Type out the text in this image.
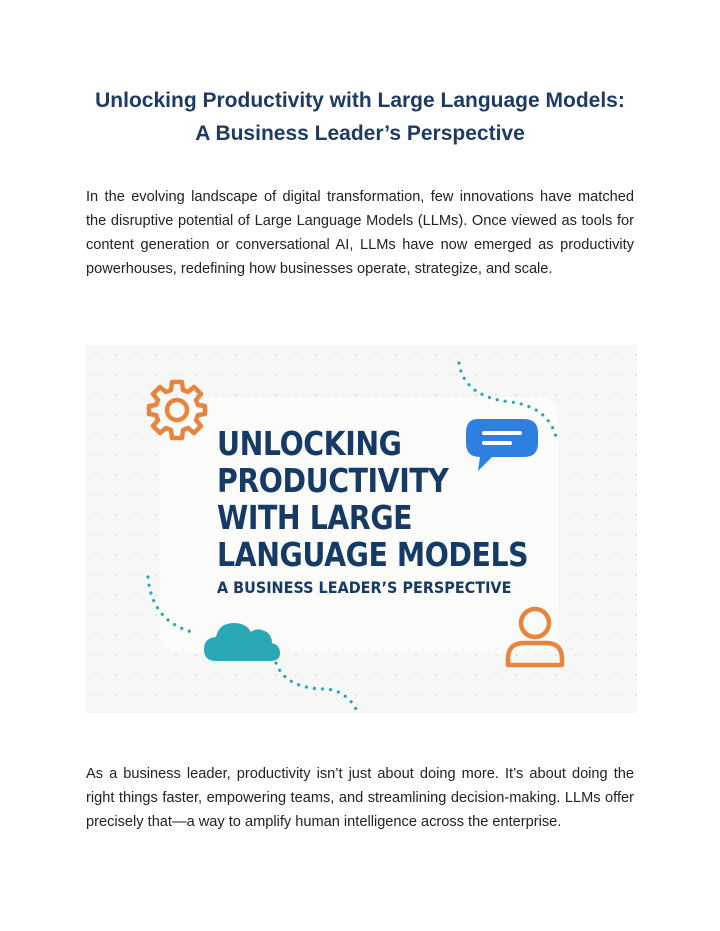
Unlocking Productivity with Large Language Models:
A Business Leader’s Perspective

In the evolving landscape of digital transformation, few innovations have matched the disruptive potential of Large Language Models (LLMs). Once viewed as tools for content generation or conversational AI, LLMs have now emerged as productivity powerhouses, redefining how businesses operate, strategize, and scale.

UNLOCKING
PRODUCTIVITY
WITH LARGE
LANGUAGE MODELS

A BUSINESS LEADER’S PERSPECTIVE

As a business leader, productivity isn’t just about doing more. It’s about doing the right things faster, empowering teams, and streamlining decision-making. LLMs offer precisely that—a way to amplify human intelligence across the enterprise.
